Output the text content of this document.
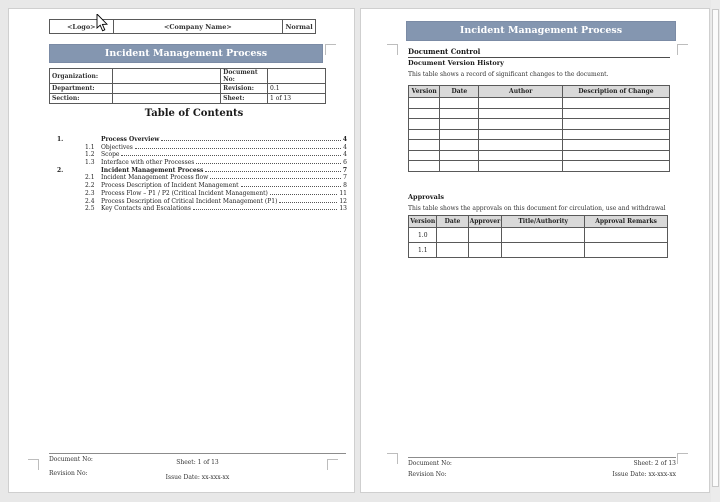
<Logo>	<Company Name>	Normal
Incident Management Process
Organization:		Document No:	
Department:		Revision:	0.1
Section:		Sheet:	1 of 13
Table of Contents
1.	Process Overview	4
1.1 Objectives	4
1.2 Scope	4
1.3 Interface with other Processes	6
2.	Incident Management Process	7
2.1 Incident Management Process flow	7
2.2 Process Description of Incident Management	8
2.3 Process Flow – P1 / P2 (Critical Incident Management)	11
2.4 Process Description of Critical Incident Management (P1)	12
2.5 Key Contacts and Escalations	13
Document No:
Revision No:
Sheet: 1 of 13
Issue Date: xx-xxx-xx
Incident Management Process
Document Control
Document Version History
This table shows a record of significant changes to the document.
Version	Date	Author	Description of Change

Approvals
This table shows the approvals on this document for circulation, use and withdrawal
Version	Date	Approver	Title/Authority	Approval Remarks
1.0				
1.1				
Document No:
Revision No:
Sheet: 2 of 13
Issue Date: xx-xxx-xx
